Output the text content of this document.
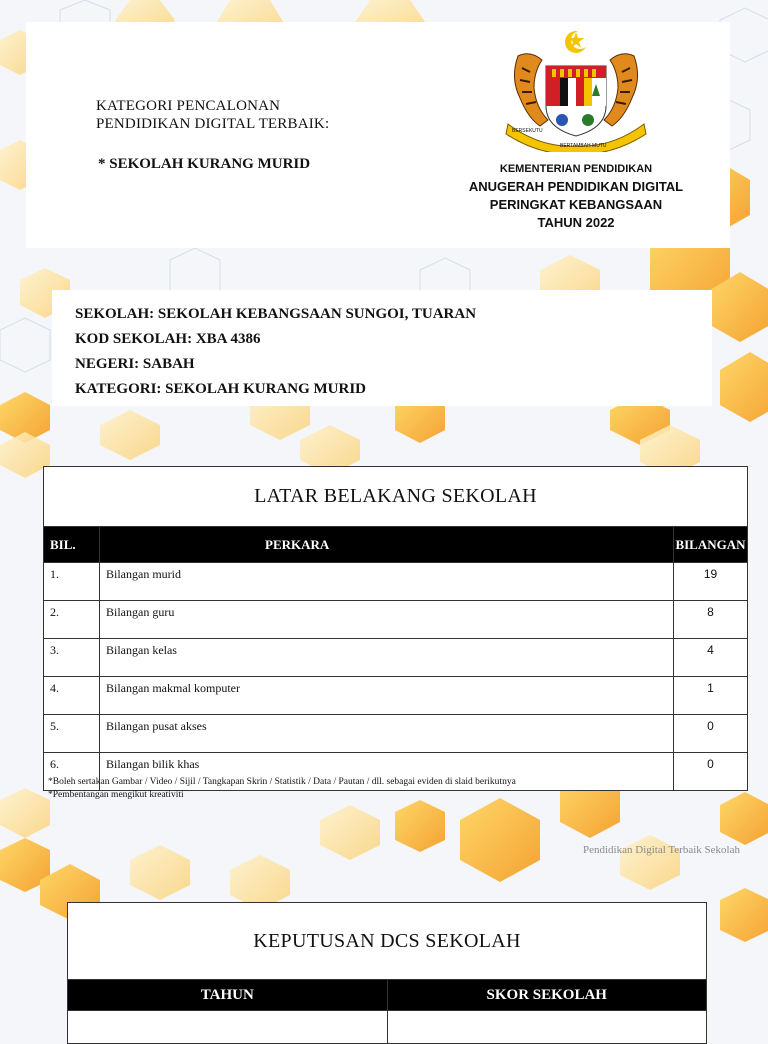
KATEGORI PENCALONAN
PENDIDIKAN DIGITAL TERBAIK:
* SEKOLAH KURANG MURID
BERSEKUTU
BERTAMBAH MUTU
KEMENTERIAN PENDIDIKAN
ANUGERAH PENDIDIKAN DIGITAL
PERINGKAT KEBANGSAAN
TAHUN 2022
SEKOLAH: SEKOLAH KEBANGSAAN SUNGOI, TUARAN
KOD SEKOLAH: XBA 4386
NEGERI: SABAH
KATEGORI: SEKOLAH KURANG MURID
LATAR BELAKANG SEKOLAH		
BIL.	PERKARA	BILANGAN
1.	Bilangan murid	19
2.	Bilangan guru	8
3.	Bilangan kelas	4
4.	Bilangan makmal komputer	1
5.	Bilangan pusat akses	0
6.	Bilangan bilik khas	0
*Boleh sertakan Gambar / Video / Sijil / Tangkapan Skrin / Statistik / Data / Pautan / dll. sebagai eviden di slaid berikutnya
*Pembentangan mengikut kreativiti
Pendidikan Digital Terbaik Sekolah
KEPUTUSAN DCS SEKOLAH	
TAHUN	SKOR SEKOLAH
